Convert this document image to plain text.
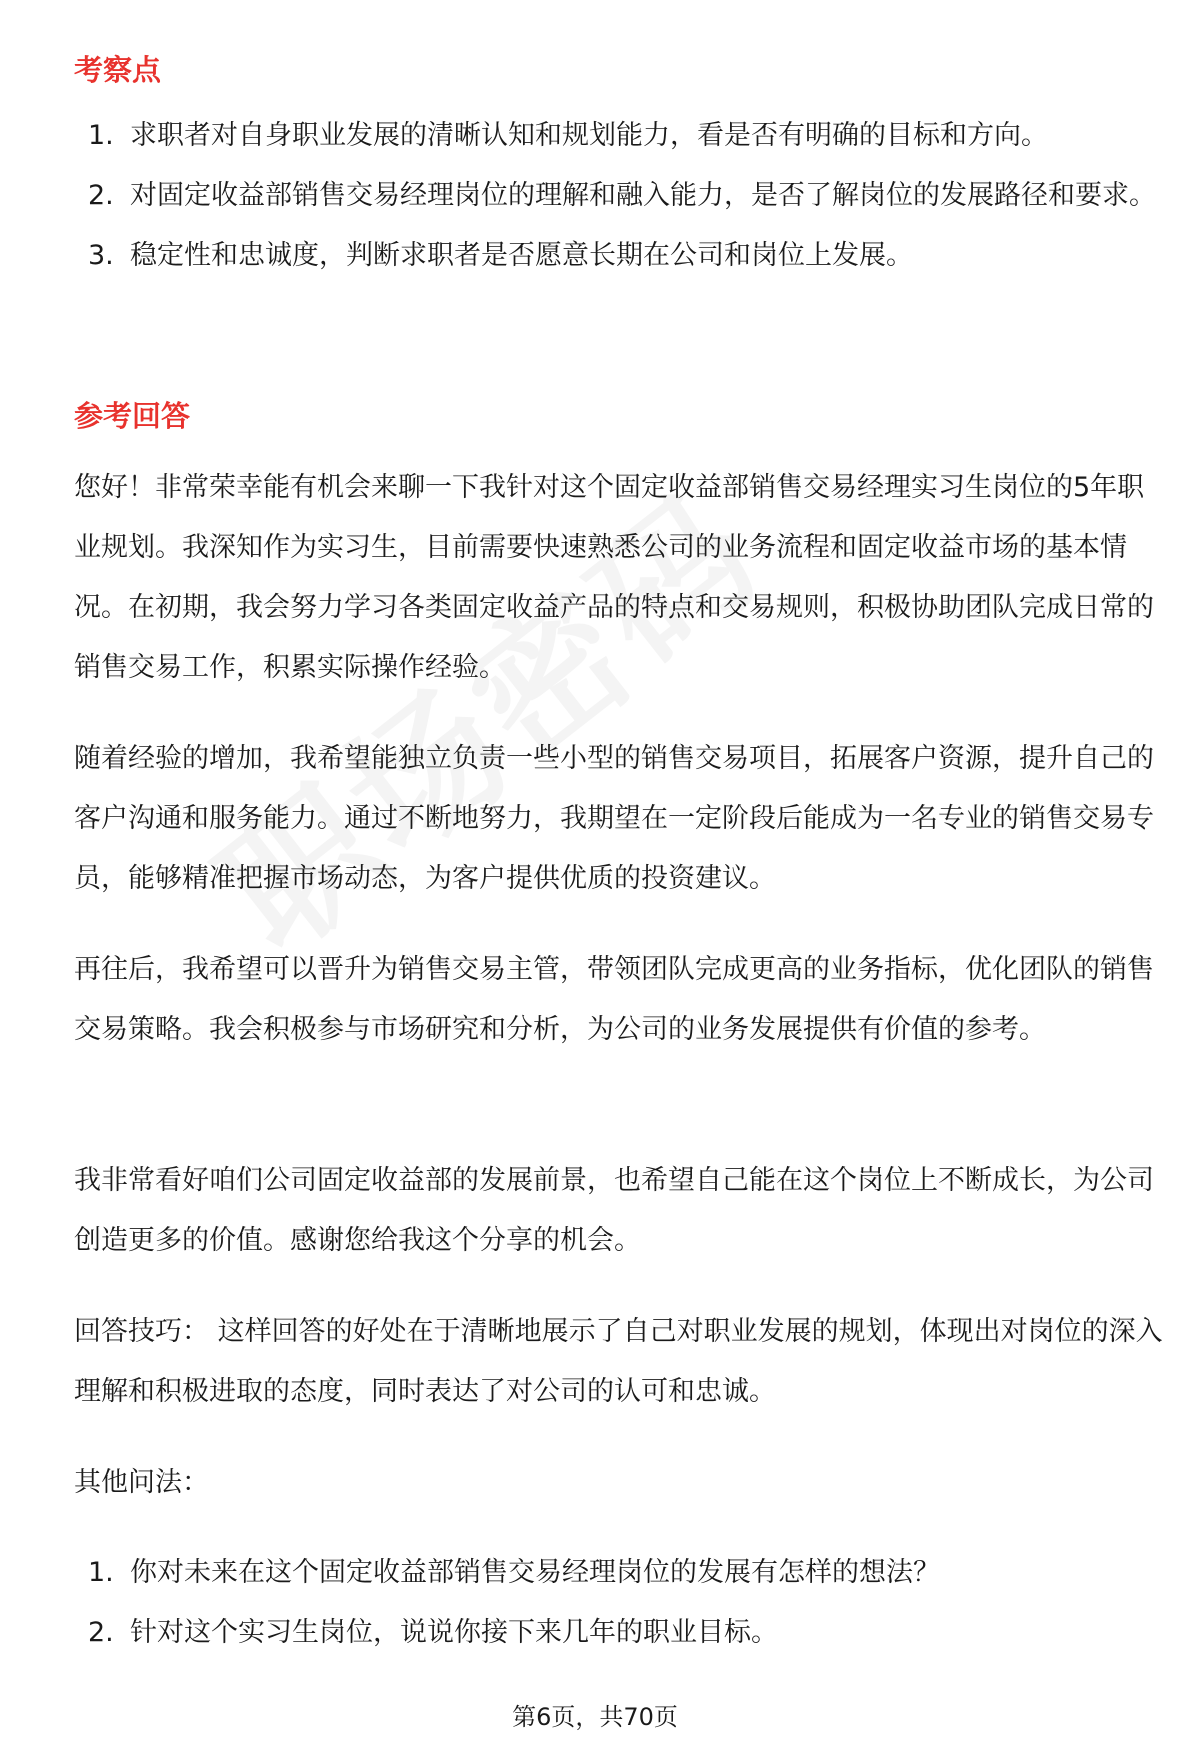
考察点
1. 求职者对自身职业发展的清晰认知和规划能力，看是否有明确的目标和方向。
2. 对固定收益部销售交易经理岗位的理解和融入能力，是否了解岗位的发展路径和要求。
3. 稳定性和忠诚度，判断求职者是否愿意长期在公司和岗位上发展。
参考回答

您好！非常荣幸能有机会来聊一下我针对这个固定收益部销售交易经理实习生岗位的5年职业规划。我深知作为实习生，目前需要快速熟悉公司的业务流程和固定收益市场的基本情况。在初期，我会努力学习各类固定收益产品的特点和交易规则，积极协助团队完成日常的销售交易工作，积累实际操作经验。

随着经验的增加，我希望能独立负责一些小型的销售交易项目，拓展客户资源，提升自己的客户沟通和服务能力。通过不断地努力，我期望在一定阶段后能成为一名专业的销售交易专员，能够精准把握市场动态，为客户提供优质的投资建议。

再往后，我希望可以晋升为销售交易主管，带领团队完成更高的业务指标，优化团队的销售交易策略。我会积极参与市场研究和分析，为公司的业务发展提供有价值的参考。

我非常看好咱们公司固定收益部的发展前景，也希望自己能在这个岗位上不断成长，为公司创造更多的价值。感谢您给我这个分享的机会。

回答技巧： 这样回答的好处在于清晰地展示了自己对职业发展的规划，体现出对岗位的深入理解和积极进取的态度，同时表达了对公司的认可和忠诚。

其他问法：

1. 你对未来在这个固定收益部销售交易经理岗位的发展有怎样的想法？
2. 针对这个实习生岗位，说说你接下来几年的职业目标。
第6页，共70页
